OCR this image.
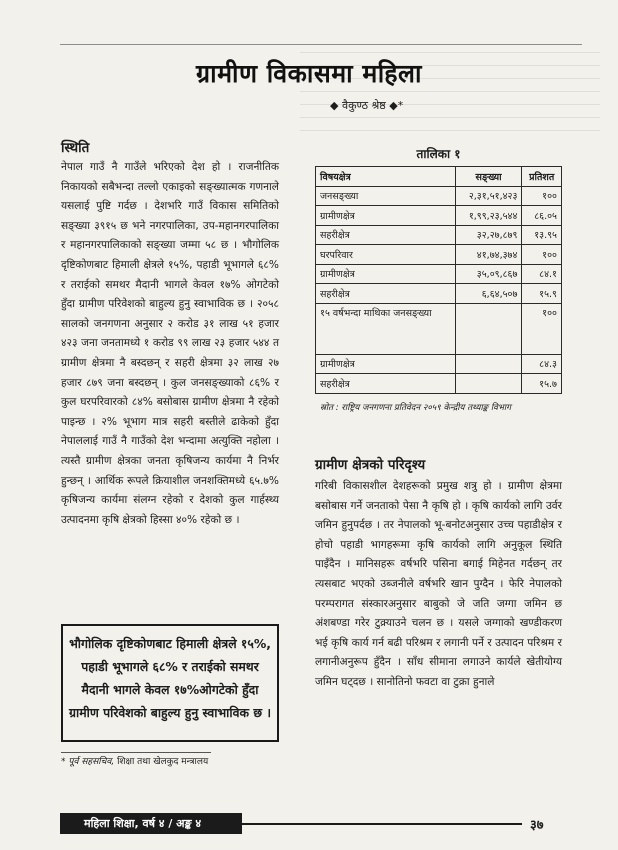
ग्रामीण विकासमा महिला
◆ वैकुण्ठ श्रेष्ठ ◆*
स्थिति

नेपाल गाउँ नै गाउँले भरिएको देश हो । राजनीतिक निकायको सबैभन्दा तल्लो एकाइको सङ्ख्यात्मक गणनाले यसलाई पुष्टि गर्दछ । देशभरि गाउँ विकास समितिको सङ्ख्या ३९१५ छ भने नगरपालिका, उप-महानगरपालिका र महानगरपालिकाको सङ्ख्या जम्मा ५८ छ । भौगोलिक दृष्टिकोणबाट हिमाली क्षेत्रले १५%, पहाडी भूभागले ६८% र तराईको समथर मैदानी भागले केवल १७% ओगटेको हुँदा ग्रामीण परिवेशको बाहुल्य हुनु स्वाभाविक छ । २०५८ सालको जनगणना अनुसार २ करोड ३१ लाख ५१ हजार ४२३ जना जनतामध्ये १ करोड ९९ लाख २३ हजार ५४४ त ग्रामीण क्षेत्रमा नै बस्दछन् र सहरी क्षेत्रमा ३२ लाख २७ हजार ८७९ जना बस्दछन् । कुल जनसङ्ख्याको ८६% र कुल घरपरिवारको ८४% बसोबास ग्रामीण क्षेत्रमा नै रहेको पाइन्छ । २% भूभाग मात्र सहरी बस्तीले ढाकेको हुँदा नेपाललाई गाउँ नै गाउँको देश भन्दामा अत्युक्ति नहोला । त्यस्तै ग्रामीण क्षेत्रका जनता कृषिजन्य कार्यमा नै निर्भर हुन्छन् । आर्थिक रूपले क्रियाशील जनशक्तिमध्ये ६५.७% कृषिजन्य कार्यमा संलग्न रहेको र देशको कुल गार्हस्थ्य उत्पादनमा कृषि क्षेत्रको हिस्सा ४०% रहेको छ ।

भौगोलिक दृष्टिकोणबाट हिमाली क्षेत्रले १५%, पहाडी भूभागले ६८% र तराईको समथर मैदानी भागले केवल १७%ओगटेको हुँदा ग्रामीण परिवेशको बाहुल्य हुनु स्वाभाविक छ ।

* पूर्व सहसचिव, शिक्षा तथा खेलकुद मन्त्रालय
तालिका १
विषयक्षेत्र	सङ्ख्या	प्रतिशत
जनसङ्ख्या	२,३१,५१,४२३	१००
ग्रामीणक्षेत्र	१,९९,२३,५४४	८६.०५
सहरीक्षेत्र	३२,२७,८७९	१३.९५
घरपरिवार	४१,७४,३७४	१००
ग्रामीणक्षेत्र	३५,०९,८६७	८४.१
सहरीक्षेत्र	६,६४,५०७	१५.९
१५ वर्षभन्दा माथिका जनसङ्ख्या		१००
ग्रामीणक्षेत्र		८४.३
सहरीक्षेत्र		१५.७
स्रोत : राष्ट्रिय जनगणना प्रतिवेदन २०५९ केन्द्रीय तथ्याङ्क विभाग
ग्रामीण क्षेत्रको परिदृश्य

गरिबी विकासशील देशहरूको प्रमुख शत्रु हो । ग्रामीण क्षेत्रमा बसोबास गर्ने जनताको पेसा नै कृषि हो । कृषि कार्यको लागि उर्वर जमिन हुनुपर्दछ । तर नेपालको भू-बनोटअनुसार उच्च पहाडीक्षेत्र र होचो पहाडी भागहरूमा कृषि कार्यको लागि अनुकूल स्थिति पाइँदैन । मानिसहरू वर्षभरि पसिना बगाई मिहेनत गर्दछन् तर त्यसबाट भएको उब्जनीले वर्षभरि खान पुग्दैन । फेरि नेपालको परम्परागत संस्कारअनुसार बाबुको जे जति जग्गा जमिन छ अंशबण्डा गरेर टुक्र्याउने चलन छ । यसले जग्गाको खण्डीकरण भई कृषि कार्य गर्न बढी परिश्रम र लगानी पर्ने र उत्पादन परिश्रम र लगानीअनुरूप हुँदैन । साँध सीमाना लगाउने कार्यले खेतीयोग्य जमिन घट्दछ । सानोतिनो फवटा वा टुक्रा हुनाले

महिला शिक्षा, वर्ष ४ / अङ्क ४	३७
